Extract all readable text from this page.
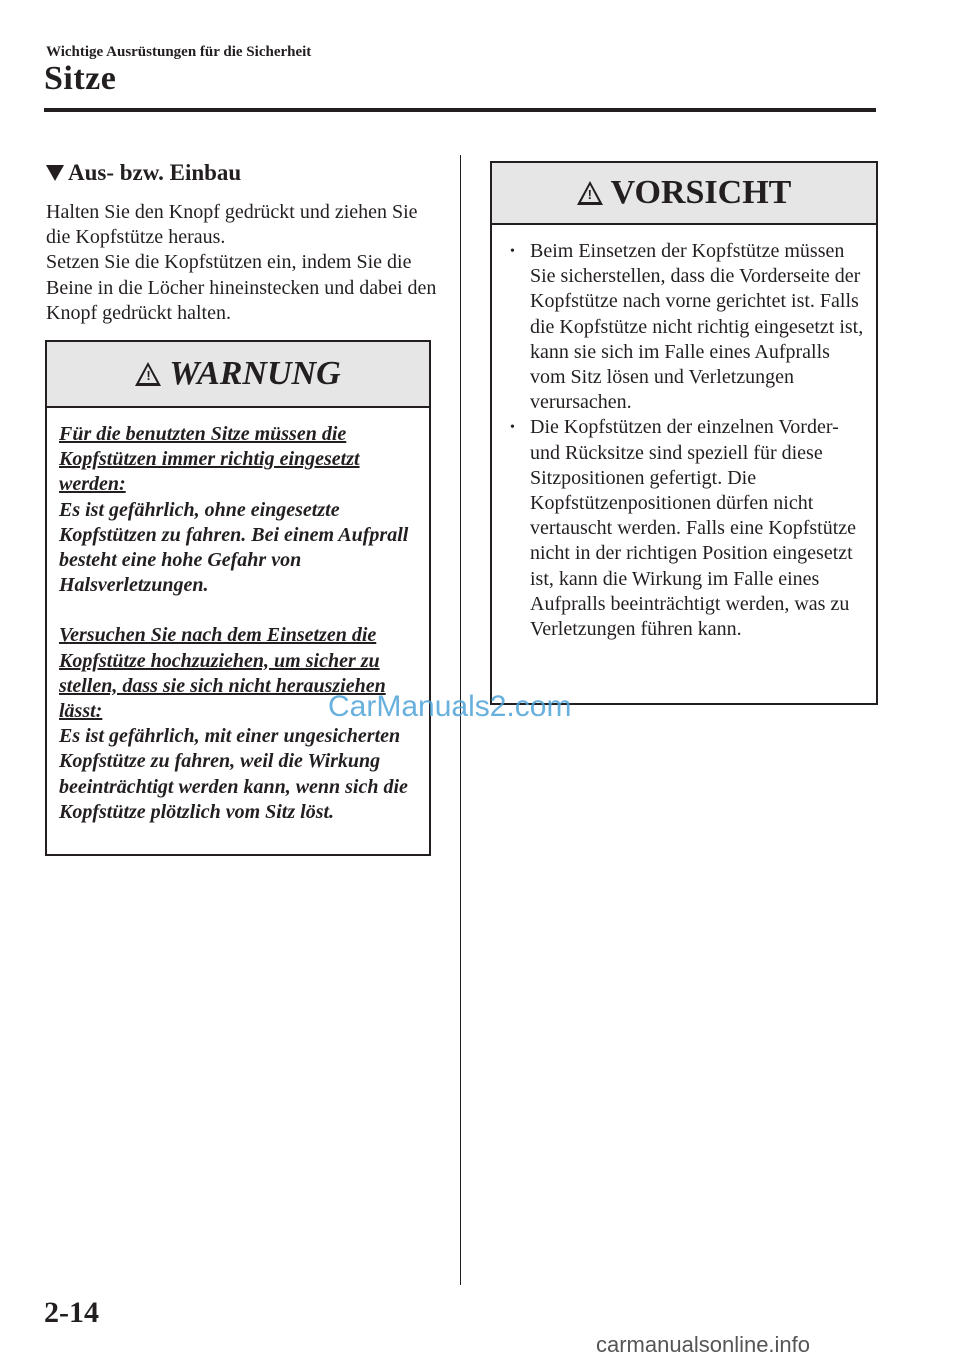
Wichtige Ausrüstungen für die Sicherheit
Sitze
Aus- bzw. Einbau

Halten Sie den Knopf gedrückt und ziehen Sie die Kopfstütze heraus.

Setzen Sie die Kopfstützen ein, indem Sie die Beine in die Löcher hineinstecken und dabei den Knopf gedrückt halten.

! WARNUNG

Für die benutzten Sitze müssen die Kopfstützen immer richtig eingesetzt werden:

Es ist gefährlich, ohne eingesetzte Kopfstützen zu fahren. Bei einem Aufprall besteht eine hohe Gefahr von Halsverletzungen.

Versuchen Sie nach dem Einsetzen die Kopfstütze hochzuziehen, um sicher zu stellen, dass sie sich nicht herausziehen lässt:

Es ist gefährlich, mit einer ungesicherten Kopfstütze zu fahren, weil die Wirkung beeinträchtigt werden kann, wenn sich die Kopfstütze plötzlich vom Sitz löst.

! VORSICHT
• Beim Einsetzen der Kopfstütze müssen Sie sicherstellen, dass die Vorderseite der Kopfstütze nach vorne gerichtet ist. Falls die Kopfstütze nicht richtig eingesetzt ist, kann sie sich im Falle eines Aufpralls vom Sitz lösen und Verletzungen verursachen.
• Die Kopfstützen der einzelnen Vorder- und Rücksitze sind speziell für diese Sitzpositionen gefertigt. Die Kopfstützenpositionen dürfen nicht vertauscht werden. Falls eine Kopfstütze nicht in der richtigen Position eingesetzt ist, kann die Wirkung im Falle eines Aufpralls beeinträchtigt werden, was zu Verletzungen führen kann.
CarManuals2.com
2-14
carmanualsonline.info
